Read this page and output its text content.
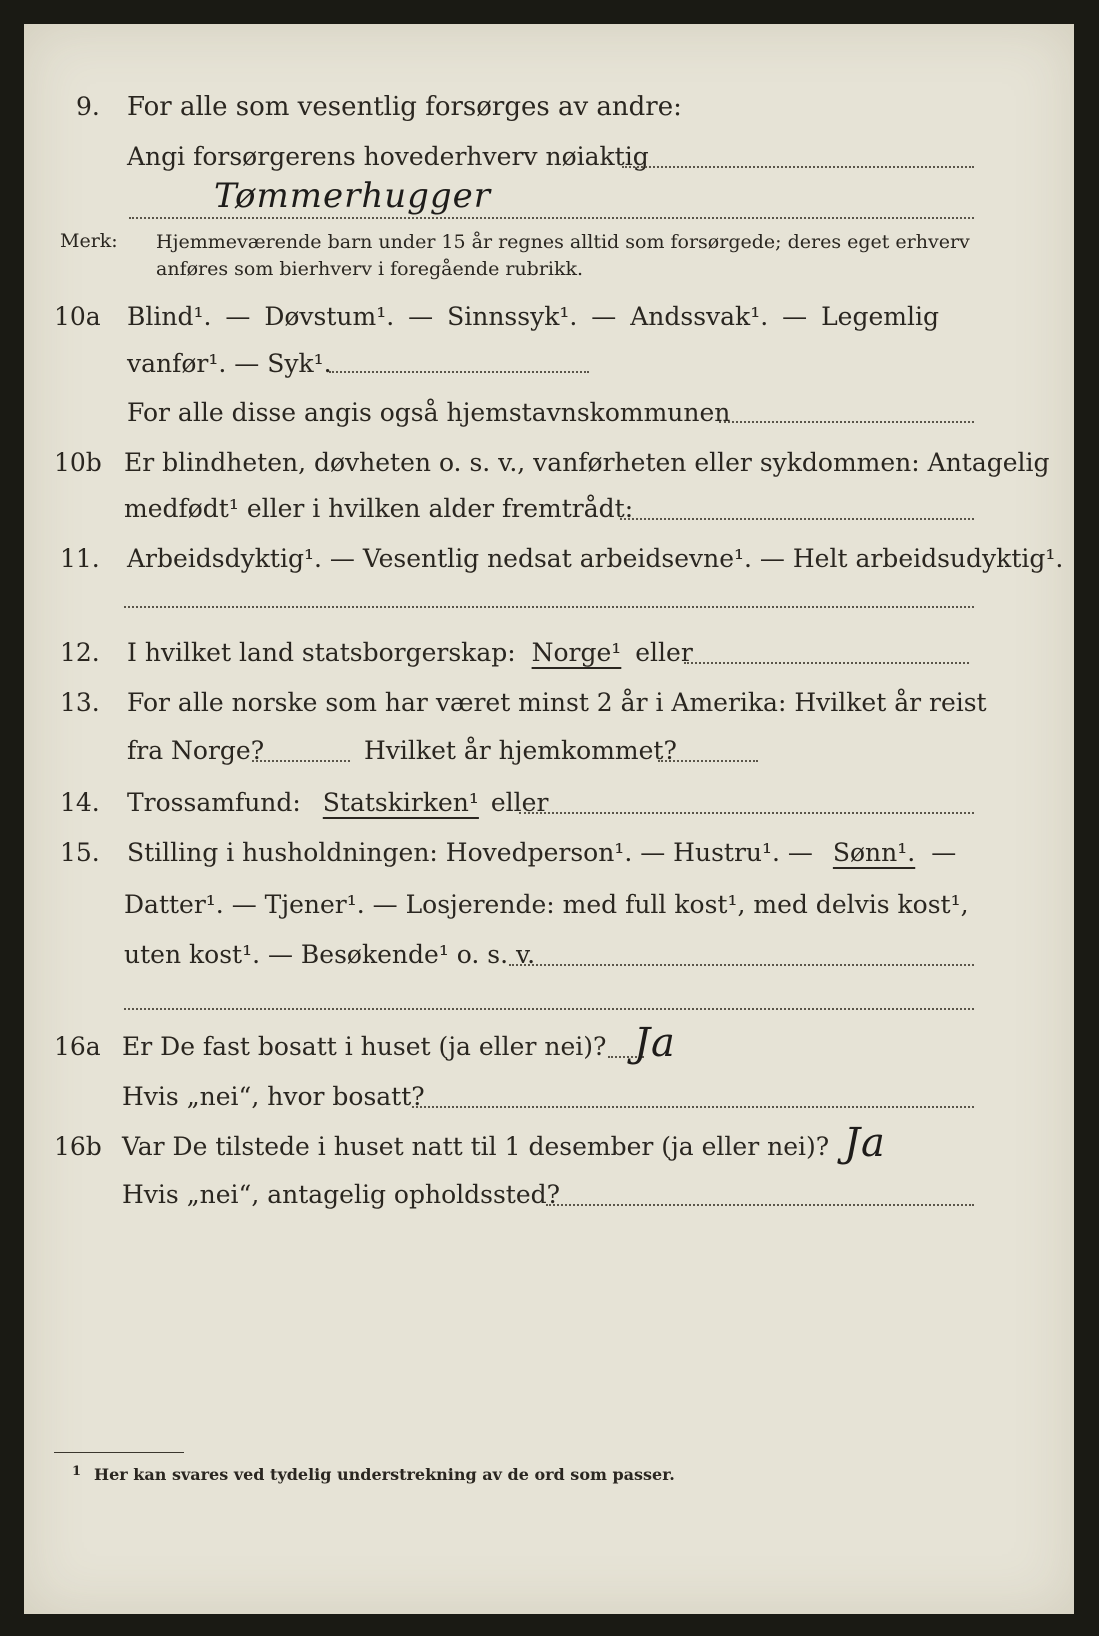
9. For alle som vesentlig forsørges av andre:
Angi forsørgerens hovederhverv nøiaktig
Tømmerhugger
Merk: Hjemmeværende barn under 15 år regnes alltid som forsørgede; deres eget erhverv
anføres som bierhverv i foregående rubrikk.
10a Blind¹. — Døvstum¹. — Sinnssyk¹. — Andssvak¹. — Legemlig
vanfør¹. — Syk¹.
For alle disse angis også hjemstavnskommunen
10b Er blindheten, døvheten o. s. v., vanførheten eller sykdommen: Antagelig
medfødt¹ eller i hvilken alder fremtrådt:
11. Arbeidsdyktig¹. — Vesentlig nedsat arbeidsevne¹. — Helt arbeidsudyktig¹.
12. I hvilket land statsborgerskap: Norge¹ eller
13. For alle norske som har været minst 2 år i Amerika: Hvilket år reist
fra Norge?	Hvilket år hjemkommet?
14. Trossamfund: Statskirken¹ eller
15. Stilling i husholdningen: Hovedperson¹. — Hustru¹. — Sønn¹. —
Datter¹. — Tjener¹. — Losjerende: med full kost¹, med delvis kost¹,
uten kost¹. — Besøkende¹ o. s. v.
16a Er De fast bosatt i huset (ja eller nei)? Ja
Hvis „nei“, hvor bosatt?
16b Var De tilstede i huset natt til 1 desember (ja eller nei)? Ja
Hvis „nei“, antagelig opholdssted?
1 Her kan svares ved tydelig understrekning av de ord som passer.
